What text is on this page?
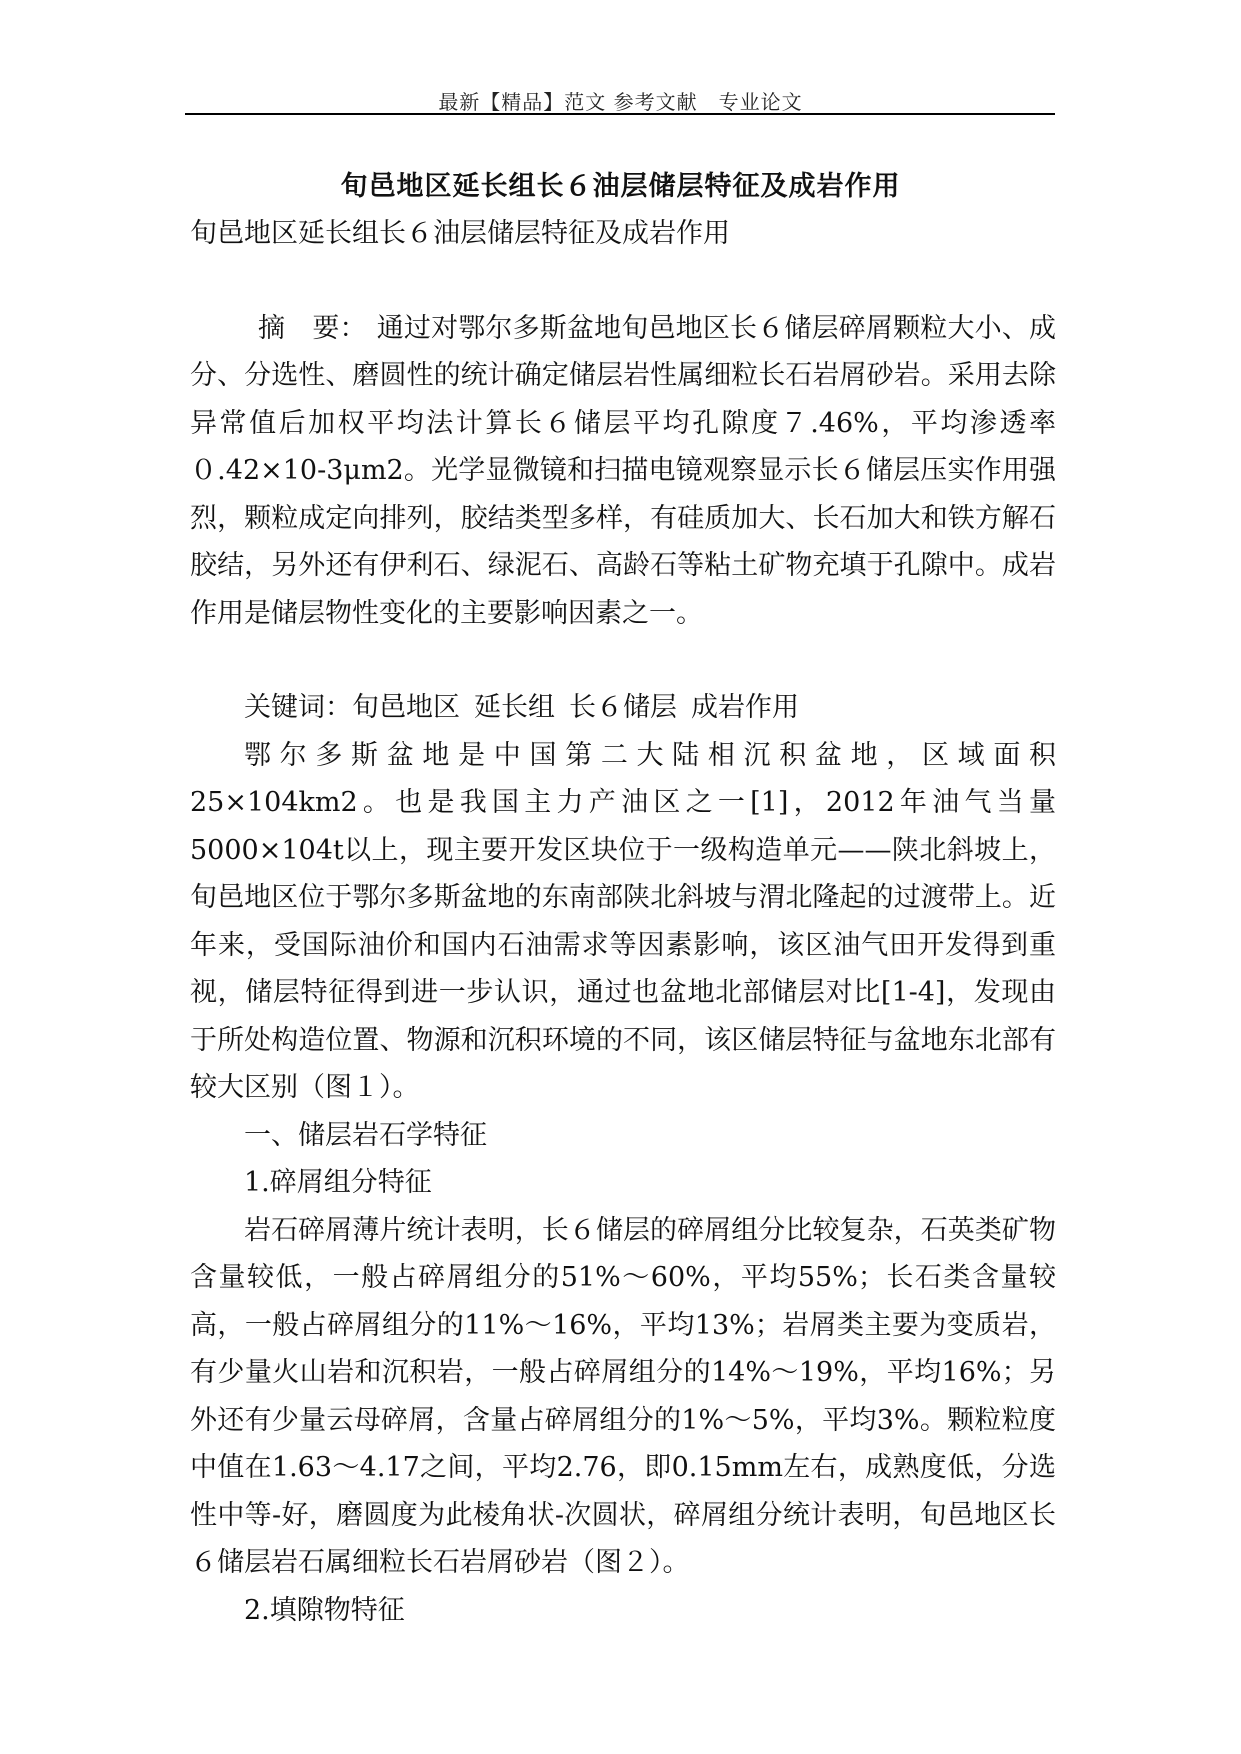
最新【精品】范文 参考文献　专业论文
旬邑地区延长组长６油层储层特征及成岩作用

旬邑地区延长组长６油层储层特征及成岩作用

摘　要： 通过对鄂尔多斯盆地旬邑地区长６储层碎屑颗粒大小、成分、分选性、磨圆性的统计确定储层岩性属细粒长石岩屑砂岩。采用去除异常值后加权平均法计算长６储层平均孔隙度７.46%，平均渗透率０.42×10-3μm2。光学显微镜和扫描电镜观察显示长６储层压实作用强烈，颗粒成定向排列，胶结类型多样，有硅质加大、长石加大和铁方解石胶结，另外还有伊利石、绿泥石、高龄石等粘土矿物充填于孔隙中。成岩作用是储层物性变化的主要影响因素之一。

关键词：旬邑地区 延长组 长６储层 成岩作用

鄂尔多斯盆地是中国第二大陆相沉积盆地，区域面积25×104km2。也是我国主力产油区之一[1]，2012年油气当量5000×104t以上，现主要开发区块位于一级构造单元——陕北斜坡上，旬邑地区位于鄂尔多斯盆地的东南部陕北斜坡与渭北隆起的过渡带上。近年来，受国际油价和国内石油需求等因素影响，该区油气田开发得到重视，储层特征得到进一步认识，通过也盆地北部储层对比[1-4]，发现由于所处构造位置、物源和沉积环境的不同，该区储层特征与盆地东北部有较大区别（图１）。

一、储层岩石学特征

1.碎屑组分特征

岩石碎屑薄片统计表明，长６储层的碎屑组分比较复杂，石英类矿物含量较低，一般占碎屑组分的51%～60%，平均55%；长石类含量较高，一般占碎屑组分的11%～16%，平均13%；岩屑类主要为变质岩，有少量火山岩和沉积岩，一般占碎屑组分的14%～19%，平均16%；另外还有少量云母碎屑，含量占碎屑组分的1%～5%，平均3%。颗粒粒度中值在1.63～4.17之间，平均2.76，即0.15mm左右，成熟度低，分选性中等-好，磨圆度为此棱角状-次圆状，碎屑组分统计表明，旬邑地区长６储层岩石属细粒长石岩屑砂岩（图２）。

2.填隙物特征
